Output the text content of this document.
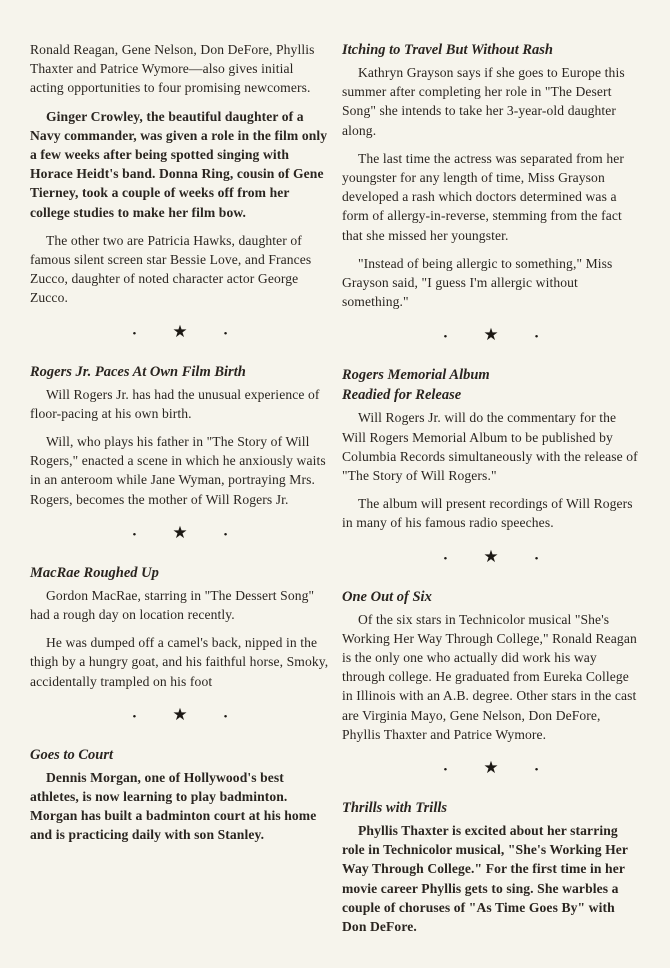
Ronald Reagan, Gene Nelson, Don DeFore, Phyllis Thaxter and Patrice Wymore—also gives initial acting opportunities to four promising newcomers.

Ginger Crowley, the beautiful daughter of a Navy commander, was given a role in the film only a few weeks after being spotted singing with Horace Heidt's band. Donna Ring, cousin of Gene Tierney, took a couple of weeks off from her college studies to make her film bow.

The other two are Patricia Hawks, daughter of famous silent screen star Bessie Love, and Frances Zucco, daughter of noted character actor George Zucco.

•★•
Rogers Jr. Paces At Own Film Birth

Will Rogers Jr. has had the unusual experience of floor-pacing at his own birth.

Will, who plays his father in "The Story of Will Rogers," enacted a scene in which he anxiously waits in an anteroom while Jane Wyman, portraying Mrs. Rogers, becomes the mother of Will Rogers Jr.

•★•
MacRae Roughed Up

Gordon MacRae, starring in "The Dessert Song" had a rough day on location recently.

He was dumped off a camel's back, nipped in the thigh by a hungry goat, and his faithful horse, Smoky, accidentally trampled on his foot

•★•
Goes to Court

Dennis Morgan, one of Hollywood's best athletes, is now learning to play badminton. Morgan has built a badminton court at his home and is practicing daily with son Stanley.

Itching to Travel But Without Rash

Kathryn Grayson says if she goes to Europe this summer after completing her role in "The Desert Song" she intends to take her 3-year-old daughter along.

The last time the actress was separated from her youngster for any length of time, Miss Grayson developed a rash which doctors determined was a form of allergy-in-reverse, stemming from the fact that she missed her youngster.

"Instead of being allergic to something," Miss Grayson said, "I guess I'm allergic without something."

•★•
Rogers Memorial Album
Readied for Release

Will Rogers Jr. will do the commentary for the Will Rogers Memorial Album to be published by Columbia Records simultaneously with the release of "The Story of Will Rogers."

The album will present recordings of Will Rogers in many of his famous radio speeches.

•★•
One Out of Six

Of the six stars in Technicolor musical "She's Working Her Way Through College," Ronald Reagan is the only one who actually did work his way through college. He graduated from Eureka College in Illinois with an A.B. degree. Other stars in the cast are Virginia Mayo, Gene Nelson, Don DeFore, Phyllis Thaxter and Patrice Wymore.

•★•
Thrills with Trills

Phyllis Thaxter is excited about her starring role in Technicolor musical, "She's Working Her Way Through College." For the first time in her movie career Phyllis gets to sing. She warbles a couple of choruses of "As Time Goes By" with Don DeFore.
